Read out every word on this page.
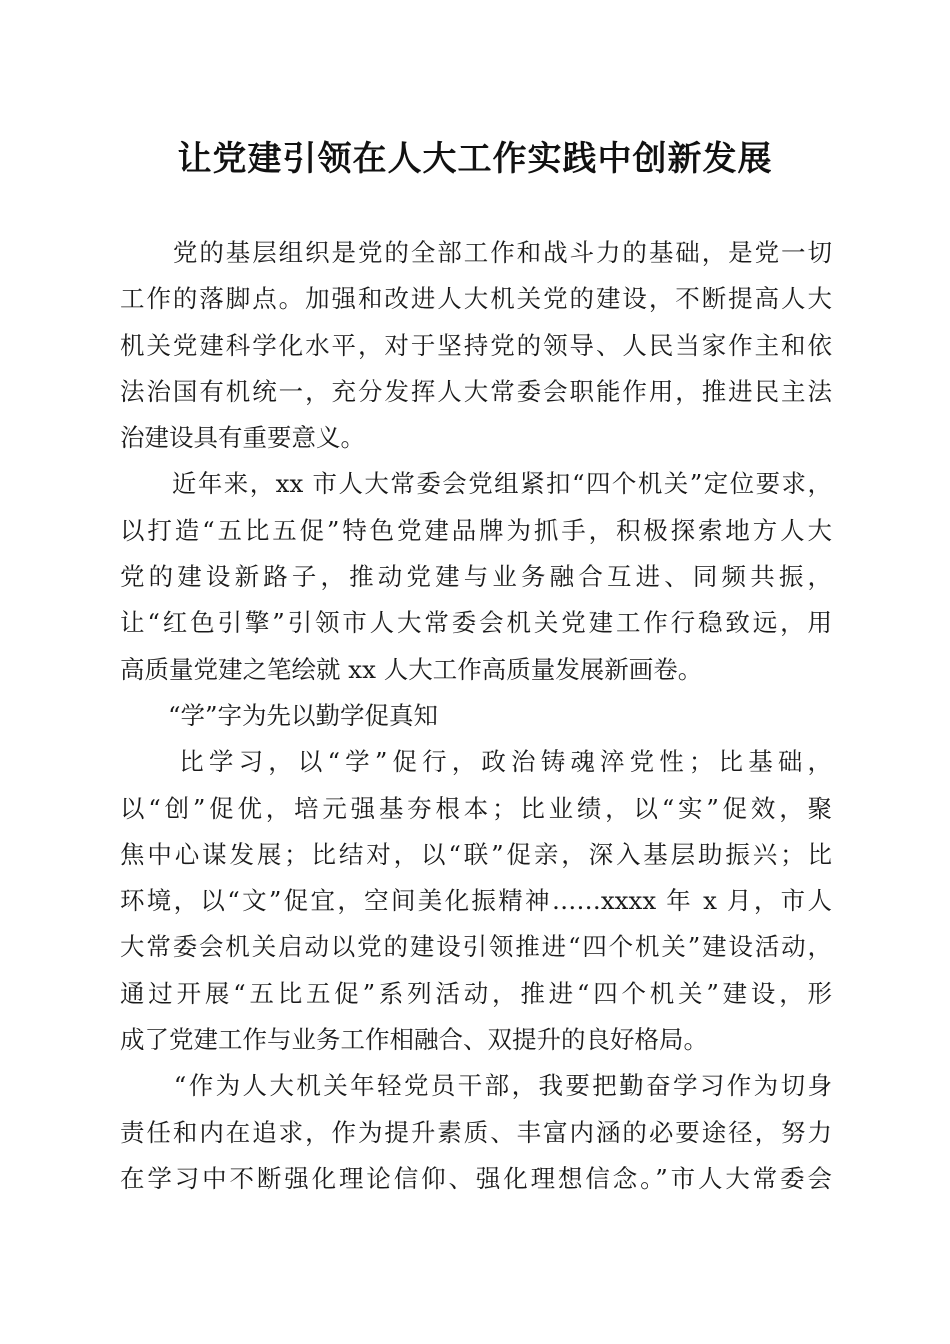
让党建引领在人大工作实践中创新发展
　　党的基层组织是党的全部工作和战斗力的基础，是党一切
工作的落脚点。加强和改进人大机关党的建设，不断提高人大
机关党建科学化水平，对于坚持党的领导、人民当家作主和依
法治国有机统一，充分发挥人大常委会职能作用，推进民主法
治建设具有重要意义。
　　近年来，xx 市人大常委会党组紧扣“四个机关”定位要求，
以打造“五比五促”特色党建品牌为抓手，积极探索地方人大
党的建设新路子，推动党建与业务融合互进、同频共振，
让“红色引擎”引领市人大常委会机关党建工作行稳致远，用
高质量党建之笔绘就 xx 人大工作高质量发展新画卷。
“学”字为先以勤学促真知
　　比学习，以“学”促行，政治铸魂淬党性；比基础，
以“创”促优，培元强基夯根本；比业绩，以“实”促效，聚
焦中心谋发展；比结对，以“联”促亲，深入基层助振兴；比
环境，以“文”促宜，空间美化振精神……xxxx 年 x 月，市人
大常委会机关启动以党的建设引领推进“四个机关”建设活动，
通过开展“五比五促”系列活动，推进“四个机关”建设，形
成了党建工作与业务工作相融合、双提升的良好格局。
　　“作为人大机关年轻党员干部，我要把勤奋学习作为切身
责任和内在追求，作为提升素质、丰富内涵的必要途径，努力
在学习中不断强化理论信仰、强化理想信念。”市人大常委会
